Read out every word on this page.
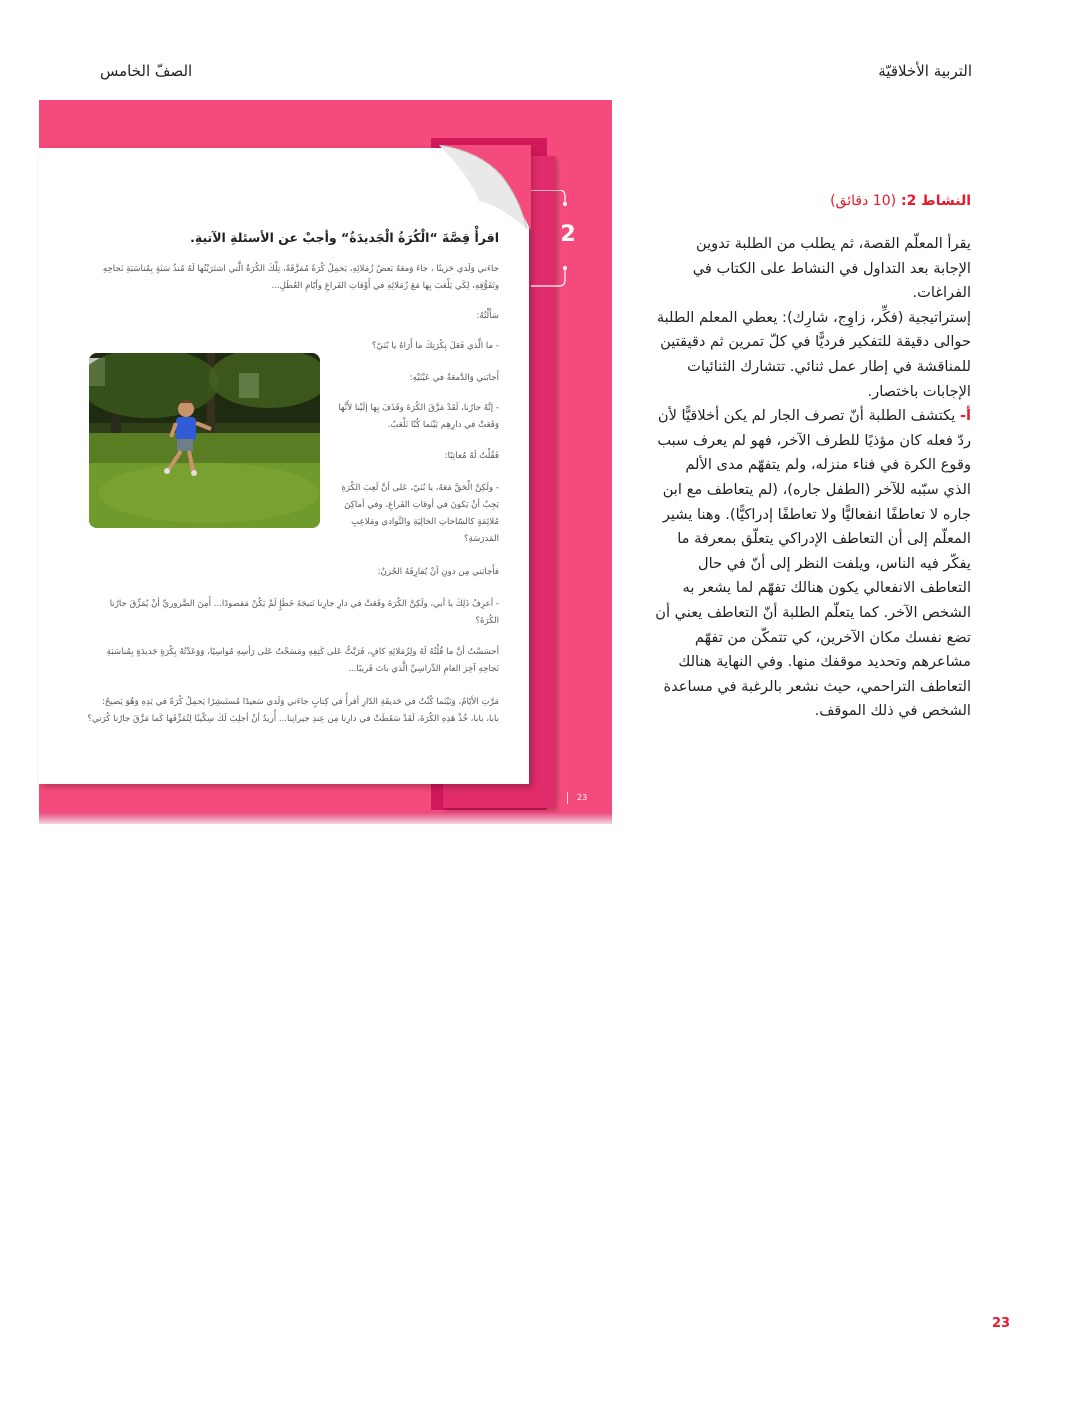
التربية الأخلاقيّة
الصفّ الخامس
2
23
اقرأْ قِصَّةَ “الْكُرَةُ الْجَديدَةُ“ وأجبْ عن الأسئلةِ الآتيةِ.
جاءَني وَلَدي حَزينًا ، جاءَ وَمعَهُ بَعضُ زُمَلائِهِ، يَحمِلُ كُرَةً مُمَزَّقَةً، تِلْكَ الكُرَةُ الَّتي اشتَرَيْتُها لَهُ مُنذُ سَنَةٍ بِمُناسَبَةِ نَجاحِهِ وتَفَوُّقِهِ، لِكَي يَلْعَبَ بِها مَعَ زُمَلائِهِ في أَوْقاتِ الفَراغِ وأيّامِ العُطَلِ...
سَأَلْتُهُ:
- ما الَّذي فَعَلَ بِكُرَتِكَ ما أَرَاهُ يا بُنَيّ؟
أَجابَني وَالدَّمعَةُ في عَيْنَيْهِ:
- إنَّهُ جارُنا، لَقَدْ مَزَّقَ الكُرَةَ وقَذَفَ بِها إلَيْنا لأَنَّها وَقَعَتْ في دارِهِم بَيْنَما كُنّا نَلْعَبُ.
فَقُلْتُ لَهُ مُعاتِبًا:
- ولَكِنَّ الْحَقَّ مَعَهُ، يا بُنَيّ، عَلى أنَّ لَعِبَ الكُرَةِ يَجِبُ أنْ يَكونَ في أوقاتِ الفَراغِ، وفي أماكِنَ مُلائِمَةٍ كالسّاحاتِ الخالِيَةِ والنَّوادي ومَلاعِبِ المَدرَسَةِ؟
فأَجابَني مِن دونِ أنْ يُفارِقَهُ الحُزنُ:
- أعرِفُ ذَلِكَ يا أبي، ولَكِنَّ الكُرَةَ وقَعَتْ في دارِ جارِنا نَتيجَةَ خَطَإٍ لَمْ يَكُنْ مَقصودًا... أَمِنَ الضَّروريِّ أنْ يُمَزِّقَ جارُنا الكُرَةَ؟
أحسَسْتُ أنَّ ما قُلْتُهُ لَهُ ولِزُمَلائِهِ كافٍ، فَرَبَّتُّ عَلى كَتِفِهِ ومَسَحْتُ عَلى رَأسِهِ مُواسِيًا، وَوَعَدْتُهُ بِكُرَةٍ جَديدَةٍ بِمُناسَبَةِ نَجاحِهِ آخِرَ العامِ الدِّراسِيِّ الَّذي باتَ قَريبًا...
مَرَّتِ الأيّامُ، وَبَيْنَما كُنْتُ في حَديقَةِ الدّارِ أقرأُ في كِتابٍ جاءَني وَلَدي سَعيدًا مُستَبشِرًا يَحمِلُ كُرَةً في يَدِهِ وَهُوَ يَصيحُ: بابا، بابا، خُذْ هَذِهِ الكُرَةَ، لَقَدْ سَقَطَتْ في دارِنا مِن عِندِ جيرانِنا... أُريدُ أنْ أجلِبَ لَكَ سِكّينًا لِتُمَزِّقَها كَما مَزَّقَ جارُنا كُرَتي؟
النشاط 2: (10 دقائق)

يقرأ المعلّم القصة، ثم يطلب من الطلبة تدوين الإجابة بعد التداول في النشاط على الكتاب في الفراغات.

إستراتيجية (فكِّر، زاوِج، شارِك): يعطي المعلم الطلبة حوالى دقيقة للتفكير فرديًّا في كلّ تمرين ثم دقيقتين للمناقشة في إطار عمل ثنائي. تتشارك الثنائيات الإجابات باختصار.

أ- يكتشف الطلبة أنّ تصرف الجار لم يكن أخلاقيًّا لأن ردّ فعله كان مؤذيًا للطرف الآخر، فهو لم يعرف سبب وقوع الكرة في فناء منزله، ولم يتفهّم مدى الألم الذي سبّبه للآخر (الطفل جاره)، (لم يتعاطف مع ابن جاره لا تعاطفًا انفعاليًّا ولا تعاطفًا إدراكيًّا). وهنا يشير المعلّم إلى أن التعاطف الإدراكي يتعلّق بمعرفة ما يفكّر فيه الناس، ويلفت النظر إلى أنّ في حال التعاطف الانفعالي يكون هنالك تفهّم لما يشعر به الشخص الآخر. كما يتعلّم الطلبة أنّ التعاطف يعني أن تضع نفسك مكان الآخرين، كي تتمكّن من تفهّم مشاعرهم وتحديد موقفك منها. وفي النهاية هنالك التعاطف التراحمي، حيث نشعر بالرغبة في مساعدة الشخص في ذلك الموقف.

23
